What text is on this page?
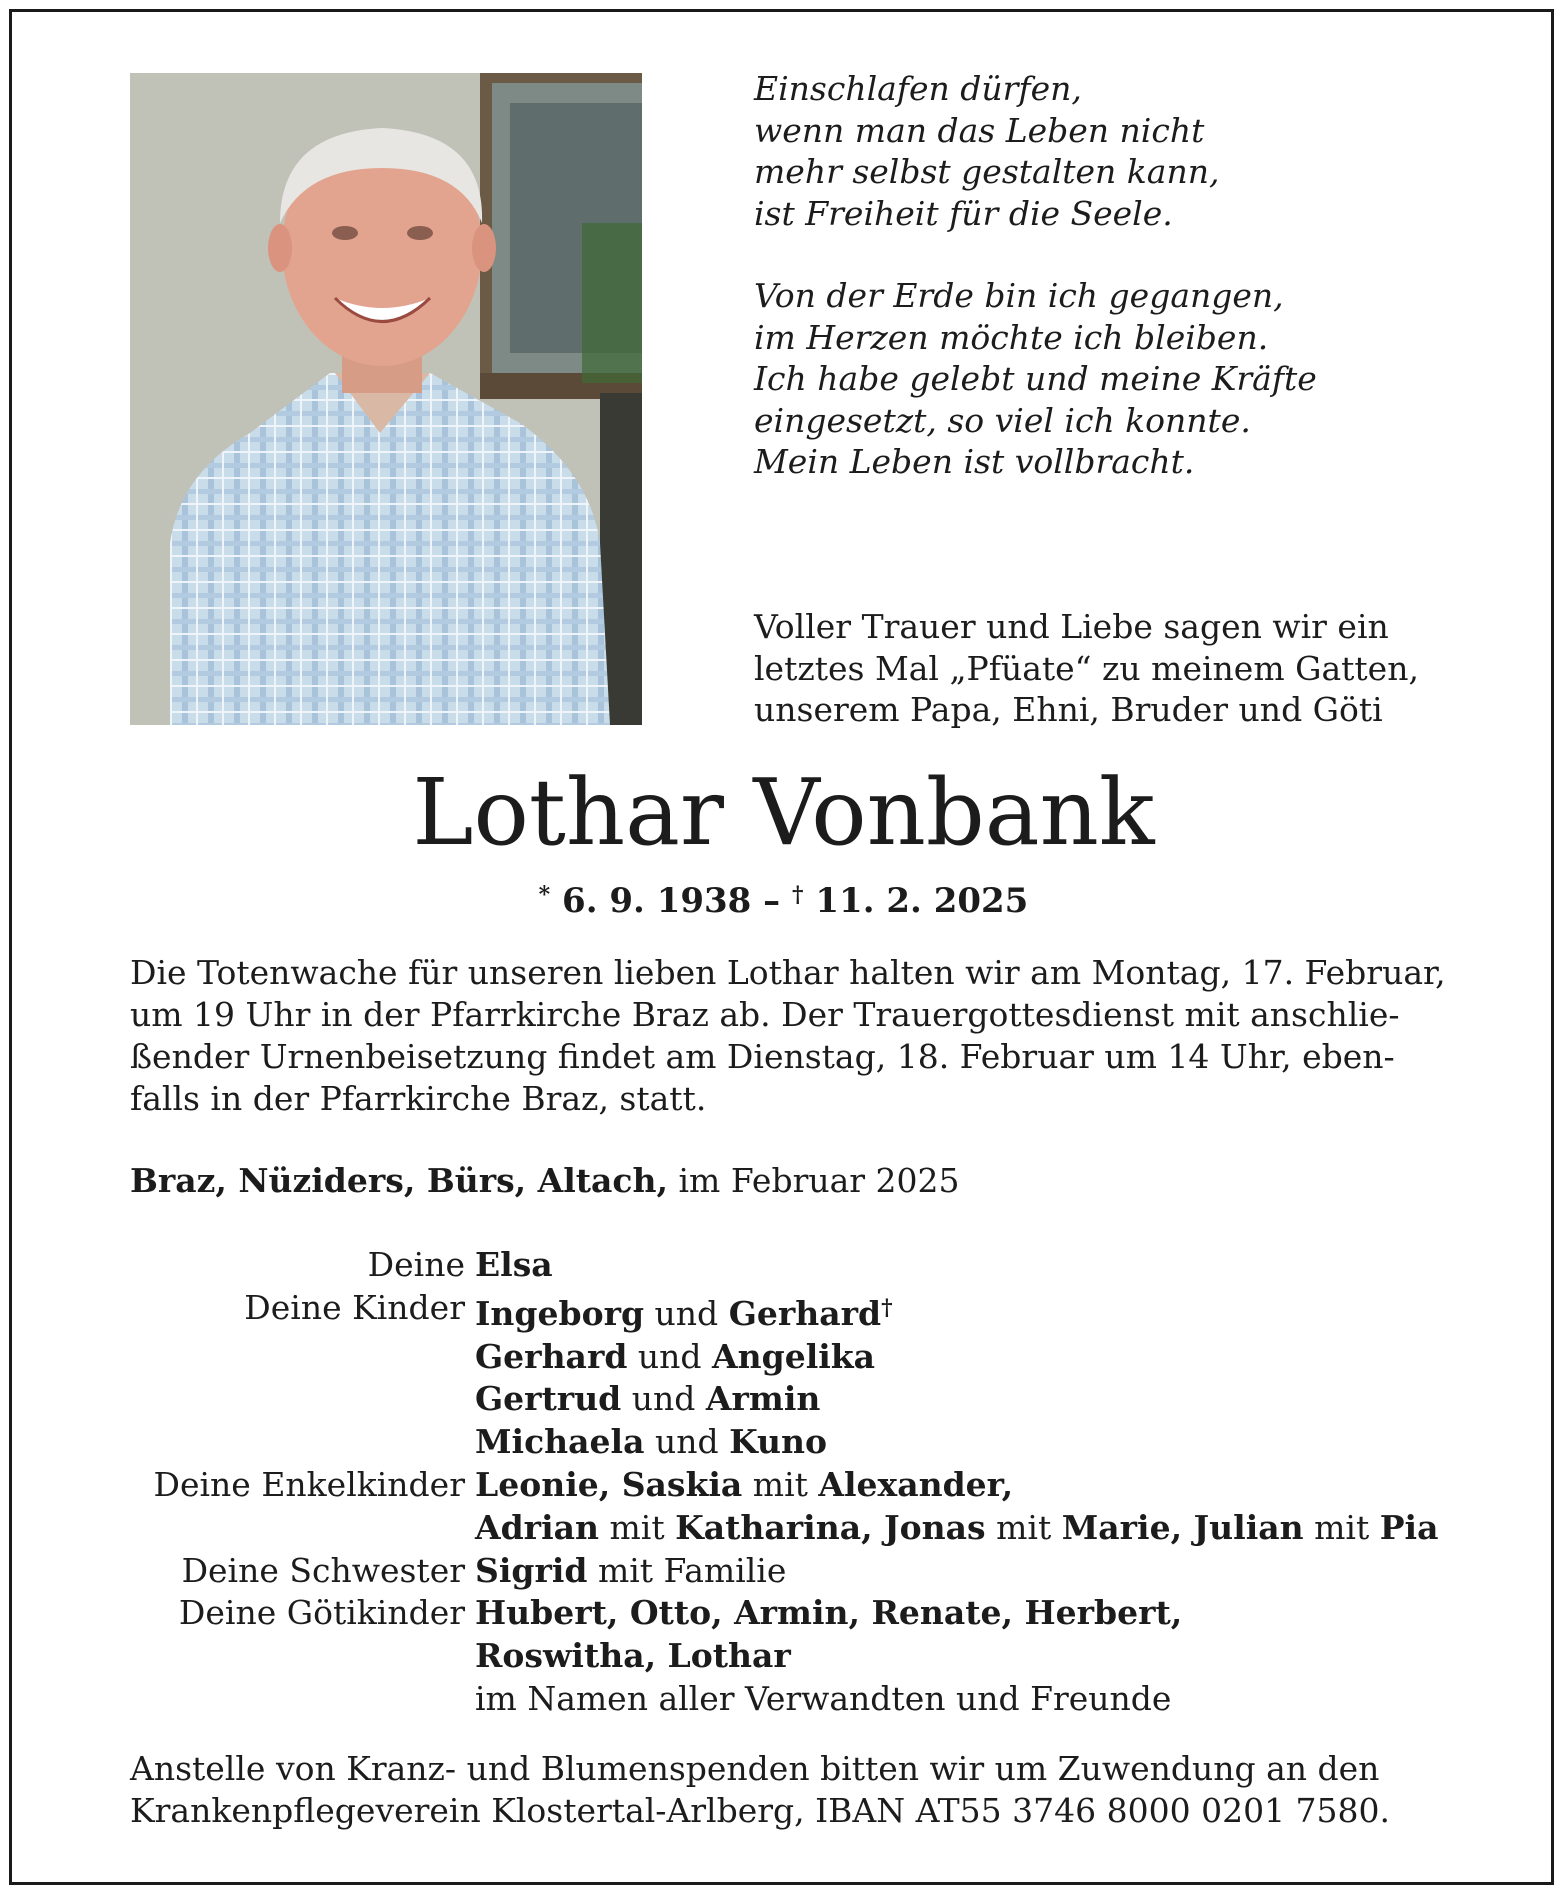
Einschlafen dürfen,
wenn man das Leben nicht
mehr selbst gestalten kann,
ist Freiheit für die Seele.
Von der Erde bin ich gegangen,
im Herzen möchte ich bleiben.
Ich habe gelebt und meine Kräfte
eingesetzt, so viel ich konnte.
Mein Leben ist vollbracht.
Voller Trauer und Liebe sagen wir ein
letztes Mal „Pfüate“ zu meinem Gatten,
unserem Papa, Ehni, Bruder und Göti
Lothar Vonbank
* 6. 9. 1938 – † 11. 2. 2025
Die Totenwache für unseren lieben Lothar halten wir am Montag, 17. Februar,
um 19 Uhr in der Pfarrkirche Braz ab. Der Trauergottesdienst mit anschlie-
ßender Urnenbeisetzung findet am Dienstag, 18. Februar um 14 Uhr, eben-
falls in der Pfarrkirche Braz, statt.
Braz, Nüziders, Bürs, Altach, im Februar 2025
Deine Elsa
Deine Kinder Ingeborg und Gerhard†
Gerhard und Angelika
Gertrud und Armin
Michaela und Kuno
Deine Enkelkinder Leonie, Saskia mit Alexander,
Adrian mit Katharina, Jonas mit Marie, Julian mit Pia
Deine Schwester Sigrid mit Familie
Deine Götikinder Hubert, Otto, Armin, Renate, Herbert,
Roswitha, Lothar
im Namen aller Verwandten und Freunde
Anstelle von Kranz- und Blumenspenden bitten wir um Zuwendung an den
Krankenpflegeverein Klostertal-Arlberg, IBAN AT55 3746 8000 0201 7580.
